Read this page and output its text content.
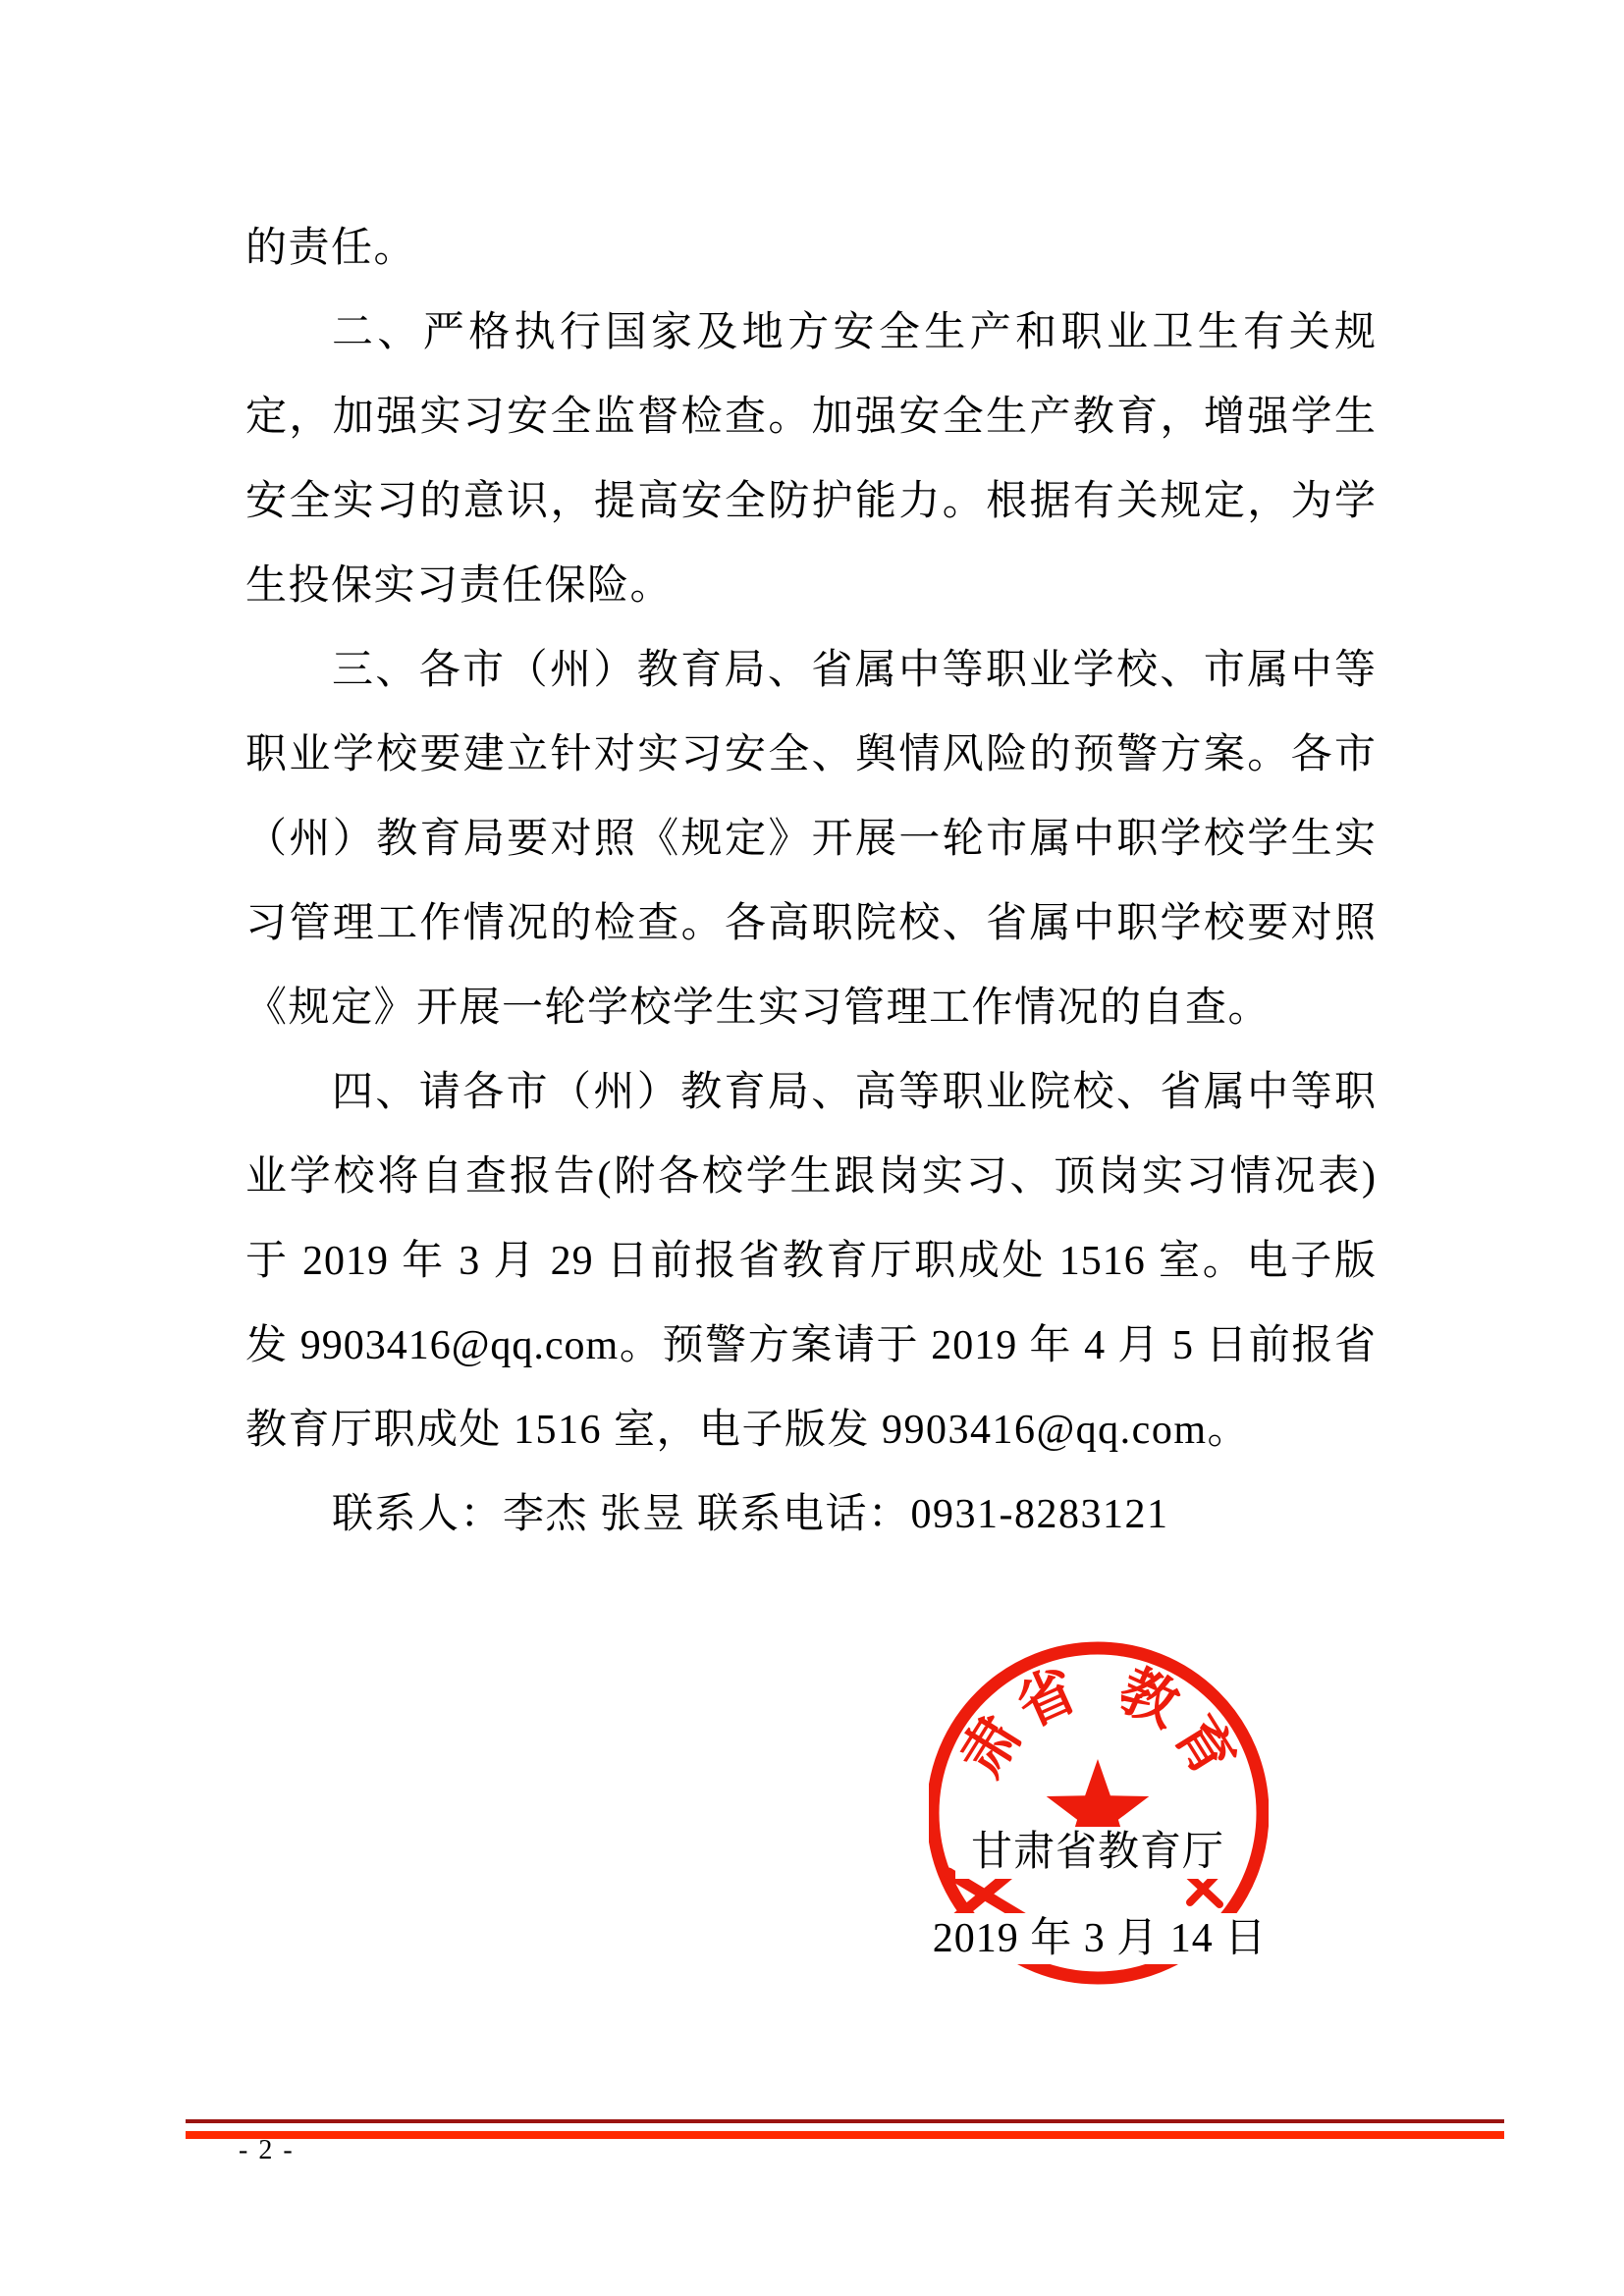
的责任。
二、严格执行国家及地方安全生产和职业卫生有关规
定，加强实习安全监督检查。加强安全生产教育，增强学生
安全实习的意识，提高安全防护能力。根据有关规定，为学
生投保实习责任保险。
三、各市（州）教育局、省属中等职业学校、市属中等
职业学校要建立针对实习安全、舆情风险的预警方案。各市
（州）教育局要对照《规定》开展一轮市属中职学校学生实
习管理工作情况的检查。各高职院校、省属中职学校要对照
《规定》开展一轮学校学生实习管理工作情况的自查。
四、请各市（州）教育局、高等职业院校、省属中等职
业学校将自查报告(附各校学生跟岗实习、顶岗实习情况表)
于 2019 年 3 月 29 日前报省教育厅职成处 1516 室。电子版
发 9903416@qq.com。预警方案请于 2019 年 4 月 5 日前报省
教育厅职成处 1516 室，电子版发 9903416@qq.com。
联系人：李杰 张昱 联系电话：0931-8283121
肃
省 教
育
甘肃省教育厅
2019 年 3 月 14 日
- 2 -
